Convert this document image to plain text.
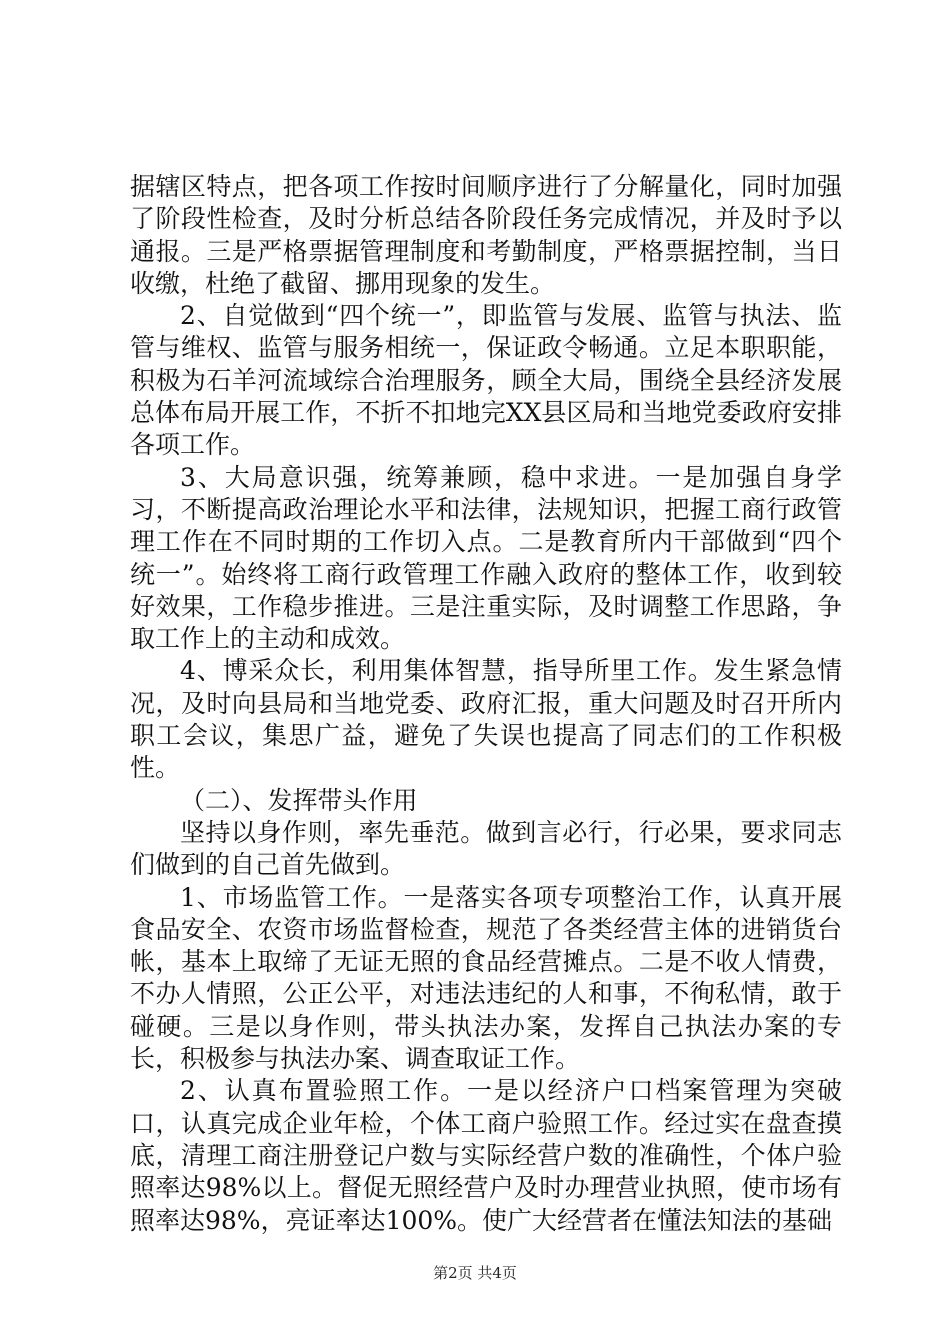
据辖区特点，把各项工作按时间顺序进行了分解量化，同时加强了阶段性检查，及时分析总结各阶段任务完成情况，并及时予以通报。三是严格票据管理制度和考勤制度，严格票据控制，当日收缴，杜绝了截留、挪用现象的发生。

2、自觉做到“四个统一”，即监管与发展、监管与执法、监管与维权、监管与服务相统一，保证政令畅通。立足本职职能，积极为石羊河流域综合治理服务，顾全大局，围绕全县经济发展总体布局开展工作，不折不扣地完XX县区局和当地党委政府安排各项工作。

3、大局意识强，统筹兼顾，稳中求进。一是加强自身学习，不断提高政治理论水平和法律，法规知识，把握工商行政管理工作在不同时期的工作切入点。二是教育所内干部做到“四个统一”。始终将工商行政管理工作融入政府的整体工作，收到较好效果，工作稳步推进。三是注重实际，及时调整工作思路，争取工作上的主动和成效。

4、博采众长，利用集体智慧，指导所里工作。发生紧急情况，及时向县局和当地党委、政府汇报，重大问题及时召开所内职工会议，集思广益，避免了失误也提高了同志们的工作积极性。

（二）、发挥带头作用

坚持以身作则，率先垂范。做到言必行，行必果，要求同志们做到的自己首先做到。

1、市场监管工作。一是落实各项专项整治工作，认真开展食品安全、农资市场监督检查，规范了各类经营主体的进销货台帐，基本上取缔了无证无照的食品经营摊点。二是不收人情费，不办人情照，公正公平，对违法违纪的人和事，不徇私情，敢于碰硬。三是以身作则，带头执法办案，发挥自己执法办案的专长，积极参与执法办案、调查取证工作。

2、认真布置验照工作。一是以经济户口档案管理为突破口，认真完成企业年检，个体工商户验照工作。经过实在盘查摸底，清理工商注册登记户数与实际经营户数的准确性，个体户验照率达98%以上。督促无照经营户及时办理营业执照，使市场有照率达98%，亮证率达100%。使广大经营者在懂法知法的基础

第2页 共4页
